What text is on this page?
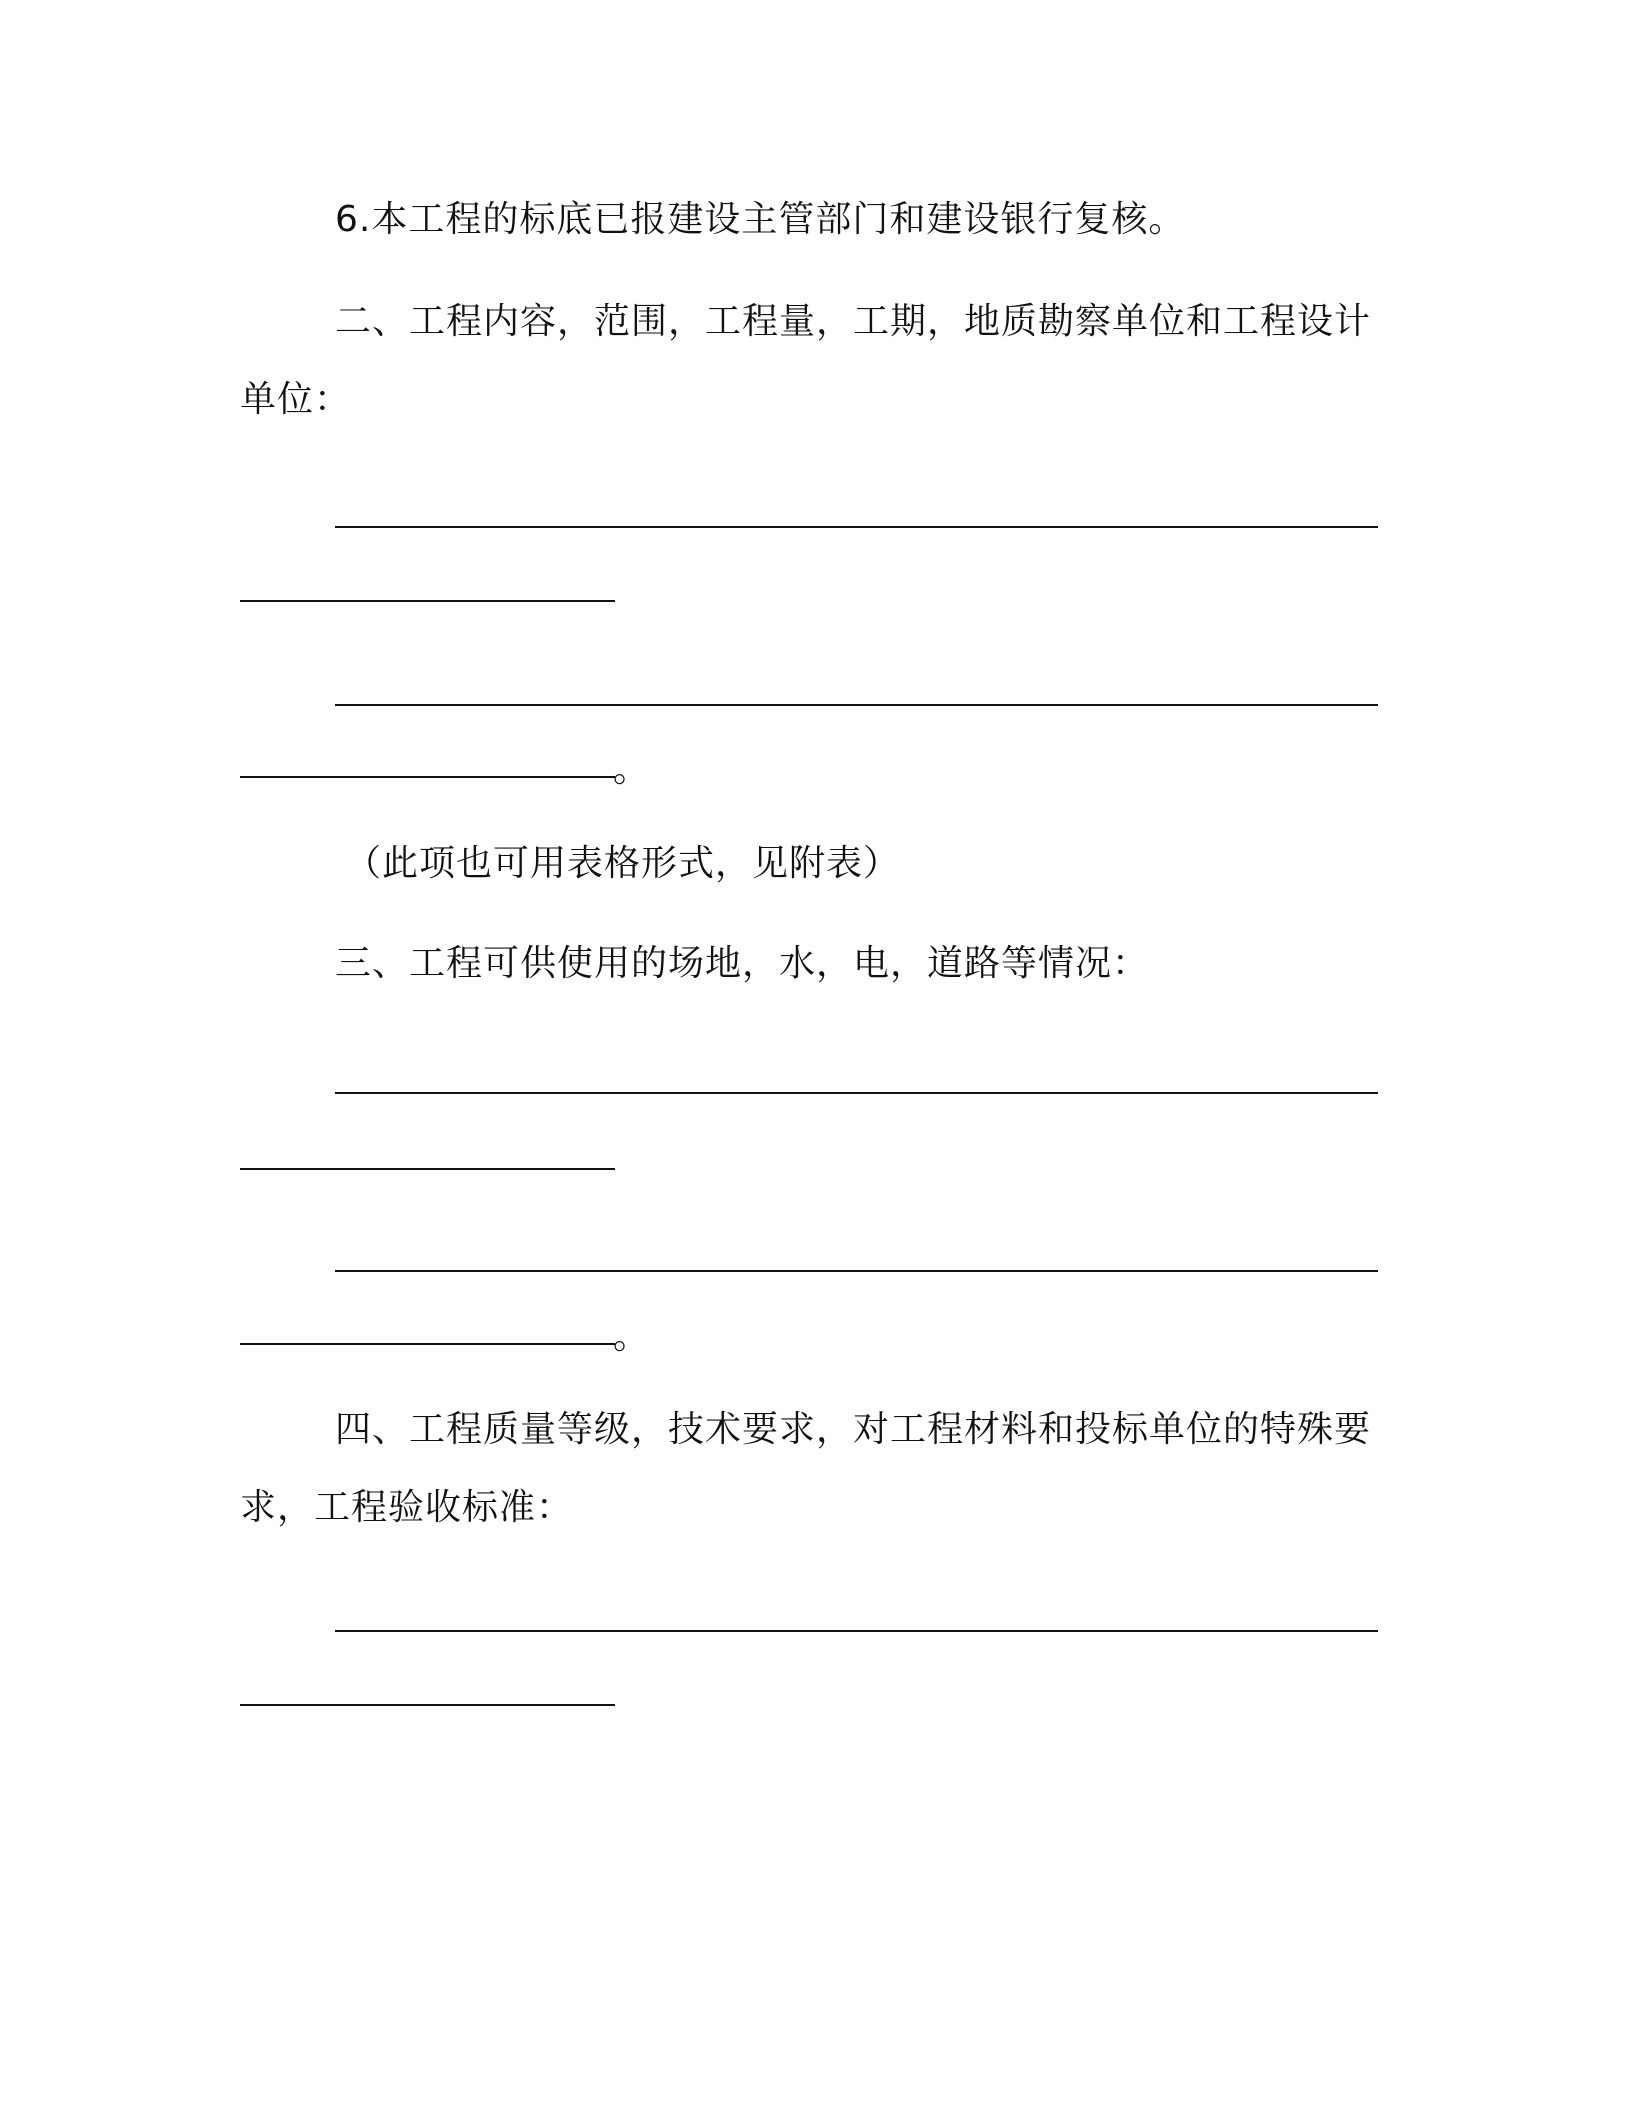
6.本工程的标底已报建设主管部门和建设银行复核。
二、工程内容，范围，工程量，工期，地质勘察单位和工程设计
单位：
。
（此项也可用表格形式，见附表）
三、工程可供使用的场地，水，电，道路等情况：
。
四、工程质量等级，技术要求，对工程材料和投标单位的特殊要
求，工程验收标准：
